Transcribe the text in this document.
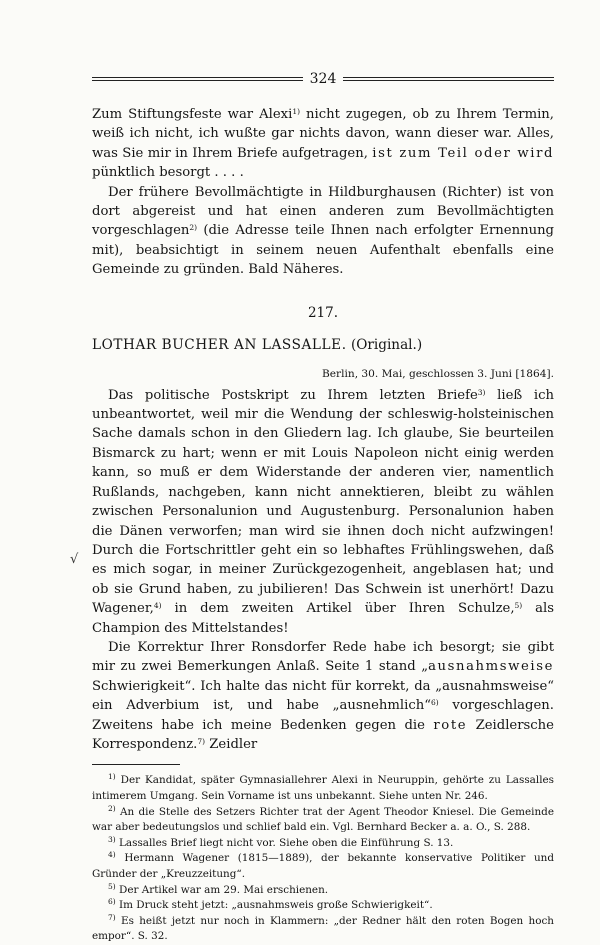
√
324

Zum Stiftungsfeste war Alexi$^{1)}$ nicht zugegen, ob zu Ihrem Termin, weiß ich nicht, ich wußte gar nichts davon, wann dieser war. Alles, was Sie mir in Ihrem Briefe aufgetragen, ist zum Teil oder wird pünktlich besorgt . . . .

Der frühere Bevollmächtigte in Hildburghausen (Richter) ist von dort abgereist und hat einen anderen zum Bevollmächtigten vorgeschlagen$^{2)}$ (die Adresse teile Ihnen nach erfolgter Ernennung mit), beabsichtigt in seinem neuen Aufenthalt ebenfalls eine Gemeinde zu gründen. Bald Näheres.

217.
LOTHAR BUCHER AN LASSALLE. (Original.)
Berlin, 30. Mai, geschlossen 3. Juni [1864].

Das politische Postskript zu Ihrem letzten Briefe$^{3)}$ ließ ich unbeantwortet, weil mir die Wendung der schleswig-holsteinischen Sache damals schon in den Gliedern lag. Ich glaube, Sie beurteilen Bismarck zu hart; wenn er mit Louis Napoleon nicht einig werden kann, so muß er dem Widerstande der anderen vier, namentlich Rußlands, nachgeben, kann nicht annektieren, bleibt zu wählen zwischen Personalunion und Augustenburg. Personalunion haben die Dänen verworfen; man wird sie ihnen doch nicht aufzwingen! Durch die Fortschrittler geht ein so lebhaftes Frühlingswehen, daß es mich sogar, in meiner Zurückgezogenheit, angeblasen hat; und ob sie Grund haben, zu jubilieren! Das Schwein ist unerhört! Dazu Wagener,$^{4)}$ in dem zweiten Artikel über Ihren Schulze,$^{5)}$ als Champion des Mittelstandes!

Die Korrektur Ihrer Ronsdorfer Rede habe ich besorgt; sie gibt mir zu zwei Bemerkungen Anlaß. Seite 1 stand „ausnahmsweise Schwierigkeit“. Ich halte das nicht für korrekt, da „ausnahmsweise“ ein Adverbium ist, und habe „ausnehmlich“$^{6)}$ vorgeschlagen. Zweitens habe ich meine Bedenken gegen die rote Zeidlersche Korrespondenz.$^{7)}$ Zeidler

$^{1)}$ Der Kandidat, später Gymnasiallehrer Alexi in Neuruppin, gehörte zu Lassalles intimerem Umgang. Sein Vorname ist uns unbekannt. Siehe unten Nr. 246.

$^{2)}$ An die Stelle des Setzers Richter trat der Agent Theodor Kniesel. Die Gemeinde war aber bedeutungslos und schlief bald ein. Vgl. Bernhard Becker a. a. O., S. 288.

$^{3)}$ Lassalles Brief liegt nicht vor. Siehe oben die Einführung S. 13.

$^{4)}$ Hermann Wagener (1815—1889), der bekannte konservative Politiker und Gründer der „Kreuzzeitung“.

$^{5)}$ Der Artikel war am 29. Mai erschienen.

$^{6)}$ Im Druck steht jetzt: „ausnahmsweis große Schwierigkeit“.

$^{7)}$ Es heißt jetzt nur noch in Klammern: „der Redner hält den roten Bogen hoch empor“. S. 32.
